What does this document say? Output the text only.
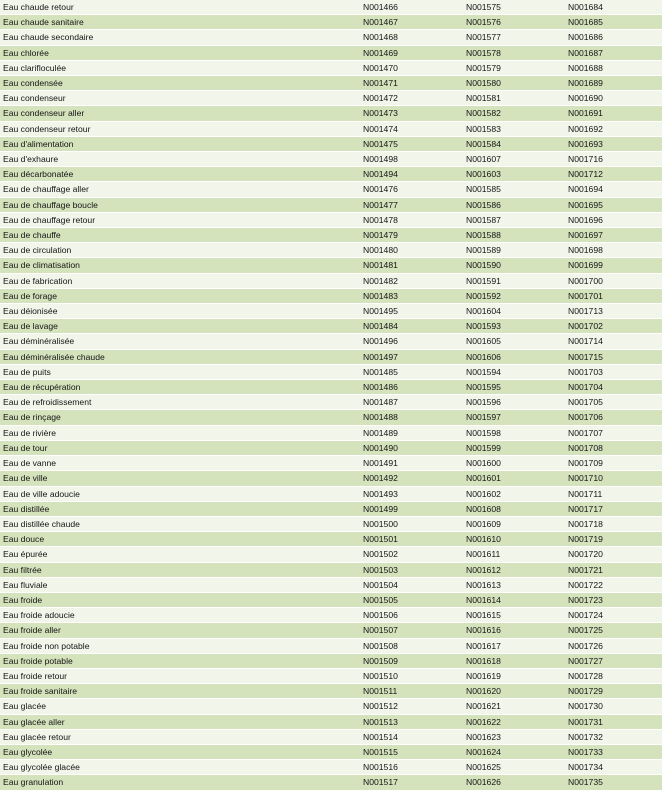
Eau chaude retour	N001466	N001575	N001684
Eau chaude sanitaire	N001467	N001576	N001685
Eau chaude secondaire	N001468	N001577	N001686
Eau chlorée	N001469	N001578	N001687
Eau clarifloculée	N001470	N001579	N001688
Eau condensée	N001471	N001580	N001689
Eau condenseur	N001472	N001581	N001690
Eau condenseur aller	N001473	N001582	N001691
Eau condenseur retour	N001474	N001583	N001692
Eau d'alimentation	N001475	N001584	N001693
Eau d'exhaure	N001498	N001607	N001716
Eau décarbonatée	N001494	N001603	N001712
Eau de chauffage aller	N001476	N001585	N001694
Eau de chauffage boucle	N001477	N001586	N001695
Eau de chauffage retour	N001478	N001587	N001696
Eau de chauffe	N001479	N001588	N001697
Eau de circulation	N001480	N001589	N001698
Eau de climatisation	N001481	N001590	N001699
Eau de fabrication	N001482	N001591	N001700
Eau de forage	N001483	N001592	N001701
Eau déionisée	N001495	N001604	N001713
Eau de lavage	N001484	N001593	N001702
Eau déminéralisée	N001496	N001605	N001714
Eau déminéralisée chaude	N001497	N001606	N001715
Eau de puits	N001485	N001594	N001703
Eau de récupération	N001486	N001595	N001704
Eau de refroidissement	N001487	N001596	N001705
Eau de rinçage	N001488	N001597	N001706
Eau de rivière	N001489	N001598	N001707
Eau de tour	N001490	N001599	N001708
Eau de vanne	N001491	N001600	N001709
Eau de ville	N001492	N001601	N001710
Eau de ville adoucie	N001493	N001602	N001711
Eau distillée	N001499	N001608	N001717
Eau distillée chaude	N001500	N001609	N001718
Eau douce	N001501	N001610	N001719
Eau épurée	N001502	N001611	N001720
Eau filtrée	N001503	N001612	N001721
Eau fluviale	N001504	N001613	N001722
Eau froide	N001505	N001614	N001723
Eau froide adoucie	N001506	N001615	N001724
Eau froide aller	N001507	N001616	N001725
Eau froide non potable	N001508	N001617	N001726
Eau froide potable	N001509	N001618	N001727
Eau froide retour	N001510	N001619	N001728
Eau froide sanitaire	N001511	N001620	N001729
Eau glacée	N001512	N001621	N001730
Eau glacée aller	N001513	N001622	N001731
Eau glacée retour	N001514	N001623	N001732
Eau glycolée	N001515	N001624	N001733
Eau glycolée glacée	N001516	N001625	N001734
Eau granulation	N001517	N001626	N001735
